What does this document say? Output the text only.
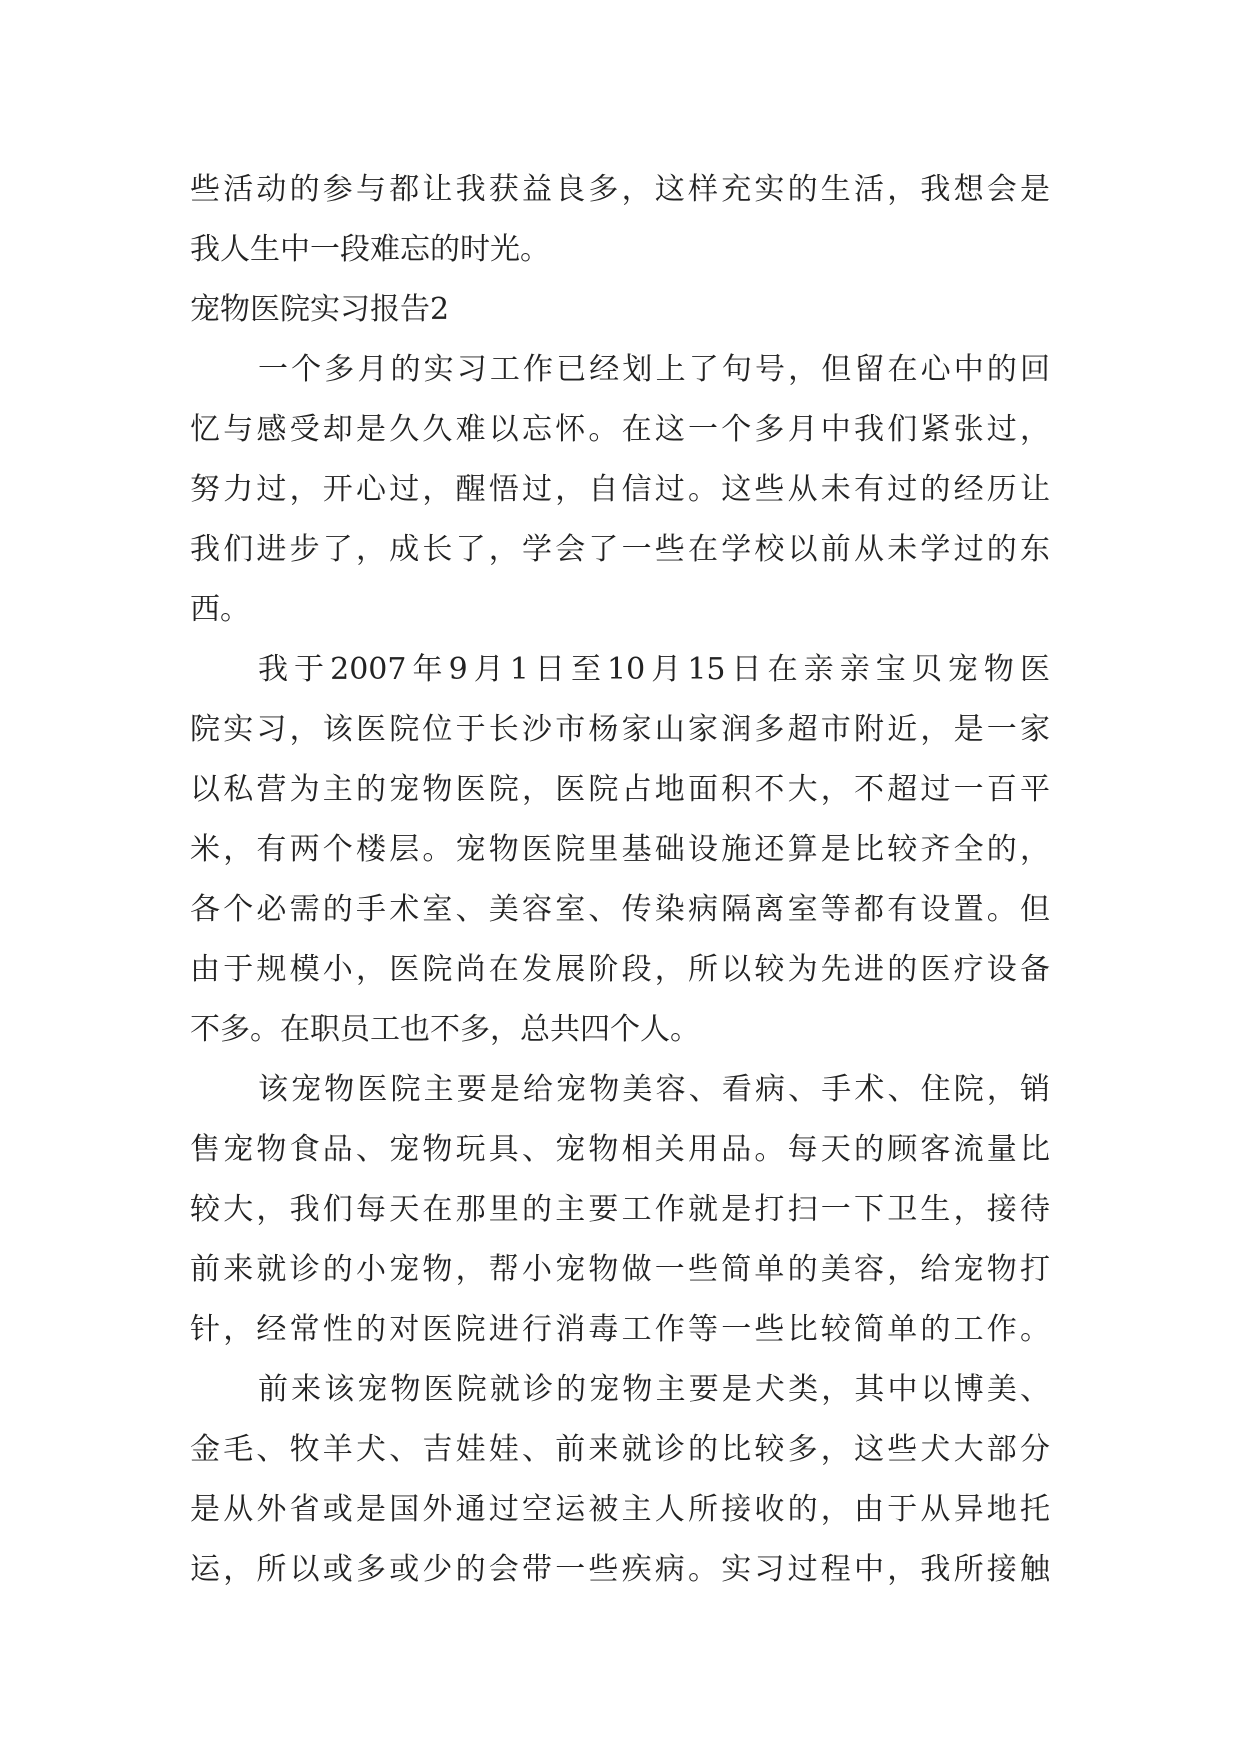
些活动的参与都让我获益良多，这样充实的生活，我想会是
我人生中一段难忘的时光。
宠物医院实习报告2
一个多月的实习工作已经划上了句号，但留在心中的回
忆与感受却是久久难以忘怀。在这一个多月中我们紧张过，
努力过，开心过，醒悟过，自信过。这些从未有过的经历让
我们进步了，成长了，学会了一些在学校以前从未学过的东
西。
我于2007年9月1日至10月15日在亲亲宝贝宠物医
院实习，该医院位于长沙市杨家山家润多超市附近，是一家
以私营为主的宠物医院，医院占地面积不大，不超过一百平
米，有两个楼层。宠物医院里基础设施还算是比较齐全的，
各个必需的手术室、美容室、传染病隔离室等都有设置。但
由于规模小，医院尚在发展阶段，所以较为先进的医疗设备
不多。在职员工也不多，总共四个人。
该宠物医院主要是给宠物美容、看病、手术、住院，销
售宠物食品、宠物玩具、宠物相关用品。每天的顾客流量比
较大，我们每天在那里的主要工作就是打扫一下卫生，接待
前来就诊的小宠物，帮小宠物做一些简单的美容，给宠物打
针，经常性的对医院进行消毒工作等一些比较简单的工作。
前来该宠物医院就诊的宠物主要是犬类，其中以博美、
金毛、牧羊犬、吉娃娃、前来就诊的比较多，这些犬大部分
是从外省或是国外通过空运被主人所接收的，由于从异地托
运，所以或多或少的会带一些疾病。实习过程中，我所接触
